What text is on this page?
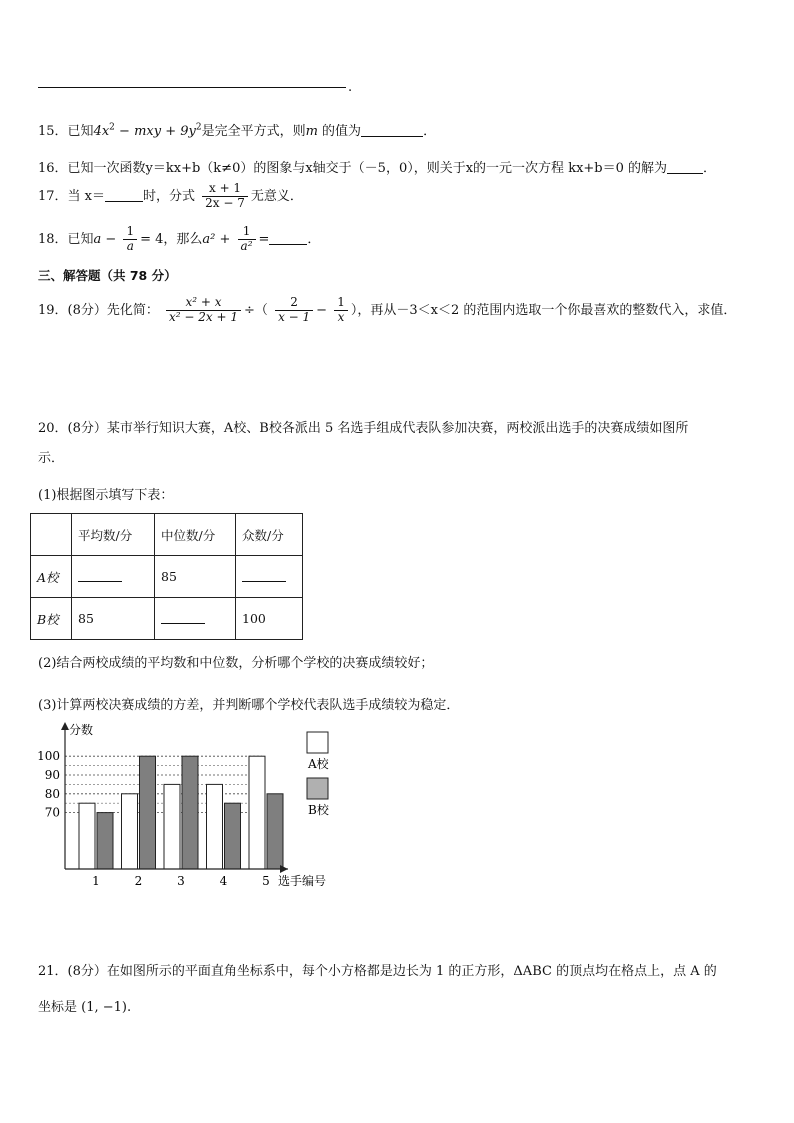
.
15．已知$4x^2$ − mxy + $9y^2$是完全平方式，则m 的值为	．
16．已知一次函数y＝kx+b（k≠0）的图象与x轴交于（－5，0），则关于x的一元一次方程 kx+b＝0 的解为	．
17．当 x＝	时，分式 $\frac{x + 1}{2x - 7}$ 无意义．
18．已知$a - \frac{1}{a} = 4$，那么$a^2 + \frac{1}{\text{a²}}$ =	．
三、解答题（共 78 分）
19．(8分）先化简： $\frac{\text{x² + x}}{\text{x² − 2x + 1}}$ ÷（ $\frac{2}{x - 1} - \frac{1}{x}$ ），再从－3＜x＜2 的范围内选取一个你最喜欢的整数代入，求值．
20．(8分）某市举行知识大赛，A校、B校各派出 5 名选手组成代表队参加决赛，两校派出选手的决赛成绩如图所
示．
(1)根据图示填写下表：
	平均数/分	中位数/分	众数/分
A校		85	
B校	85		100
(2)结合两校成绩的平均数和中位数，分析哪个学校的决赛成绩较好；
(3)计算两校决赛成绩的方差，并判断哪个学校代表队选手成绩较为稳定．
70
80
90
100
1	2	3	4	5
分数
选手编号
A校
B校
21．(8分）在如图所示的平面直角坐标系中，每个小方格都是边长为 1 的正方形，ΔABC 的顶点均在格点上，点 A 的
坐标是 (1, −1).
